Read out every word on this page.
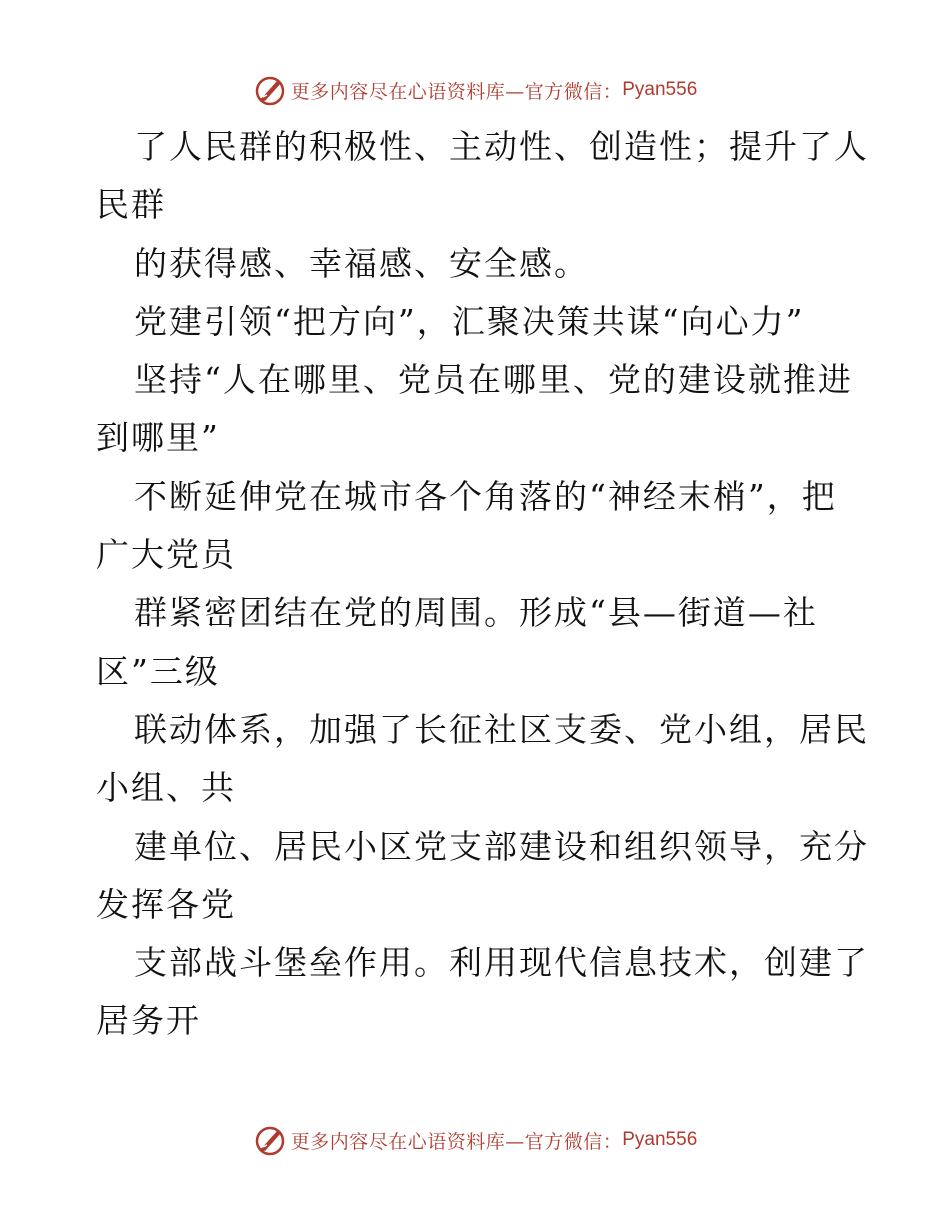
更多内容尽在心语资料库—官方微信： Pyan556
了人民群的积极性、主动性、创造性；提升了人
民群
的获得感、幸福感、安全感。
党建引领“把方向”，汇聚决策共谋“向心力”
坚持“人在哪里、党员在哪里、党的建设就推进
到哪里”
不断延伸党在城市各个角落的“神经末梢”，把
广大党员
群紧密团结在党的周围。形成“县—街道—社
区”三级
联动体系，加强了长征社区支委、党小组，居民
小组、共
建单位、居民小区党支部建设和组织领导，充分
发挥各党
支部战斗堡垒作用。利用现代信息技术，创建了
居务开
更多内容尽在心语资料库—官方微信： Pyan556
